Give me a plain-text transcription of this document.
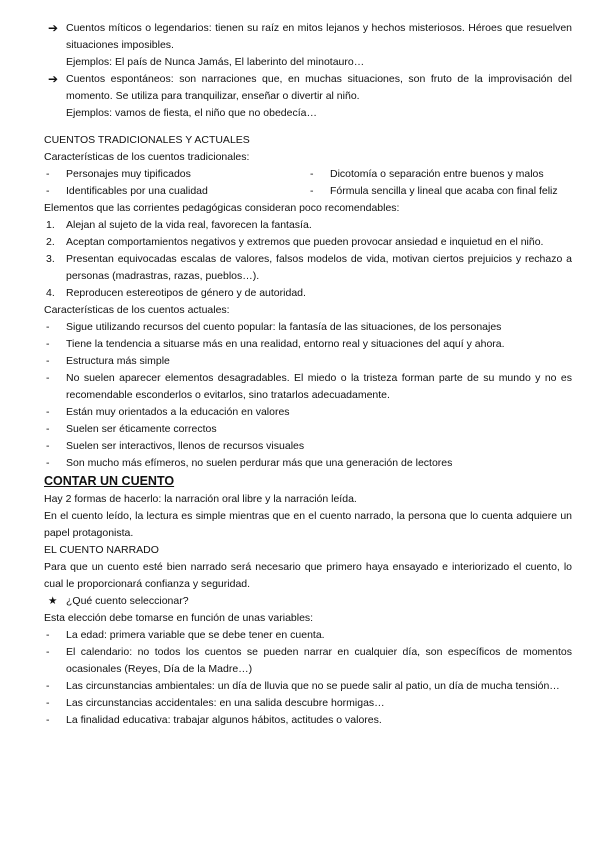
➔ Cuentos míticos o legendarios: tienen su raíz en mitos lejanos y hechos misteriosos. Héroes que resuelven situaciones imposibles.
Ejemplos: El país de Nunca Jamás, El laberinto del minotauro…
➔ Cuentos espontáneos: son narraciones que, en muchas situaciones, son fruto de la improvisación del momento. Se utiliza para tranquilizar, enseñar o divertir al niño.
Ejemplos: vamos de fiesta, el niño que no obedecía…
CUENTOS TRADICIONALES Y ACTUALES
Características de los cuentos tradicionales:
- Personajes muy tipificados
- Identificables por una cualidad
- Dicotomía o separación entre buenos y malos
- Fórmula sencilla y lineal que acaba con final feliz
Elementos que las corrientes pedagógicas consideran poco recomendables:
1. Alejan al sujeto de la vida real, favorecen la fantasía.
2. Aceptan comportamientos negativos y extremos que pueden provocar ansiedad e inquietud en el niño.
3. Presentan equivocadas escalas de valores, falsos modelos de vida, motivan ciertos prejuicios y rechazo a personas (madrastras, razas, pueblos…).
4. Reproducen estereotipos de género y de autoridad.
Características de los cuentos actuales:
- Sigue utilizando recursos del cuento popular: la fantasía de las situaciones, de los personajes
- Tiene la tendencia a situarse más en una realidad, entorno real y situaciones del aquí y ahora.
- Estructura más simple
- No suelen aparecer elementos desagradables. El miedo o la tristeza forman parte de su mundo y no es recomendable esconderlos o evitarlos, sino tratarlos adecuadamente.
- Están muy orientados a la educación en valores
- Suelen ser éticamente correctos
- Suelen ser interactivos, llenos de recursos visuales
- Son mucho más efímeros, no suelen perdurar más que una generación de lectores
CONTAR UN CUENTO
Hay 2 formas de hacerlo: la narración oral libre y la narración leída.
En el cuento leído, la lectura es simple mientras que en el cuento narrado, la persona que lo cuenta adquiere un papel protagonista.
EL CUENTO NARRADO
Para que un cuento esté bien narrado será necesario que primero haya ensayado e interiorizado el cuento, lo cual le proporcionará confianza y seguridad.
★ ¿Qué cuento seleccionar?
Esta elección debe tomarse en función de unas variables:
- La edad: primera variable que se debe tener en cuenta.
- El calendario: no todos los cuentos se pueden narrar en cualquier día, son específicos de momentos ocasionales (Reyes, Día de la Madre…)
- Las circunstancias ambientales: un día de lluvia que no se puede salir al patio, un día de mucha tensión…
- Las circunstancias accidentales: en una salida descubre hormigas…
- La finalidad educativa: trabajar algunos hábitos, actitudes o valores.
